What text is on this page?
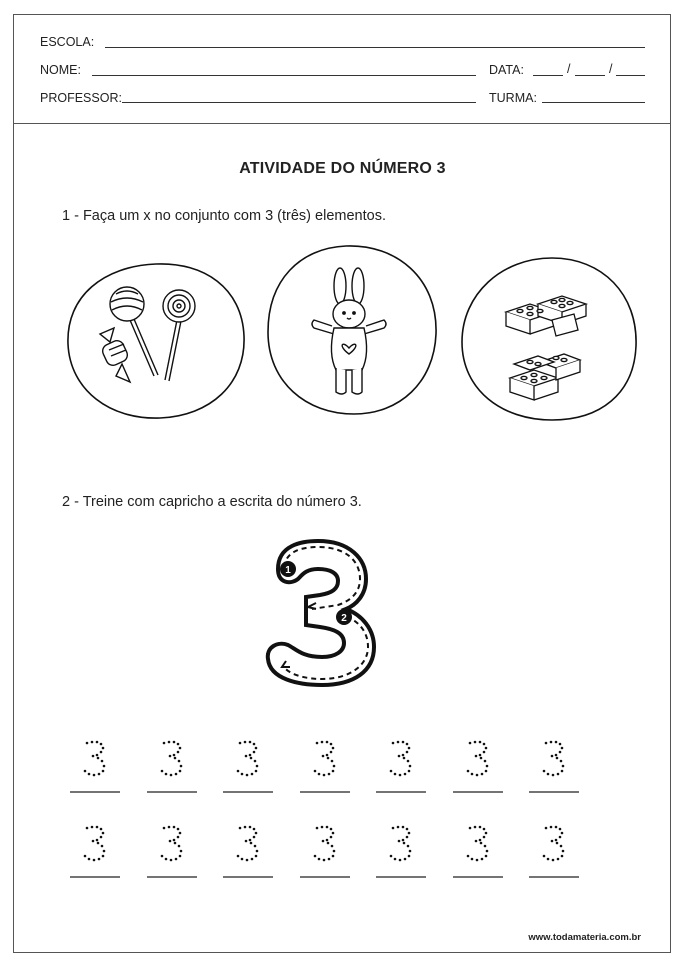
ESCOLA:
NOME:	DATA:	/	/
PROFESSOR:	TURMA:
ATIVIDADE DO NÚMERO 3
1 - Faça um x no conjunto com 3 (três) elementos.
2 - Treine com capricho a escrita do número 3.
1
2
www.todamateria.com.br
